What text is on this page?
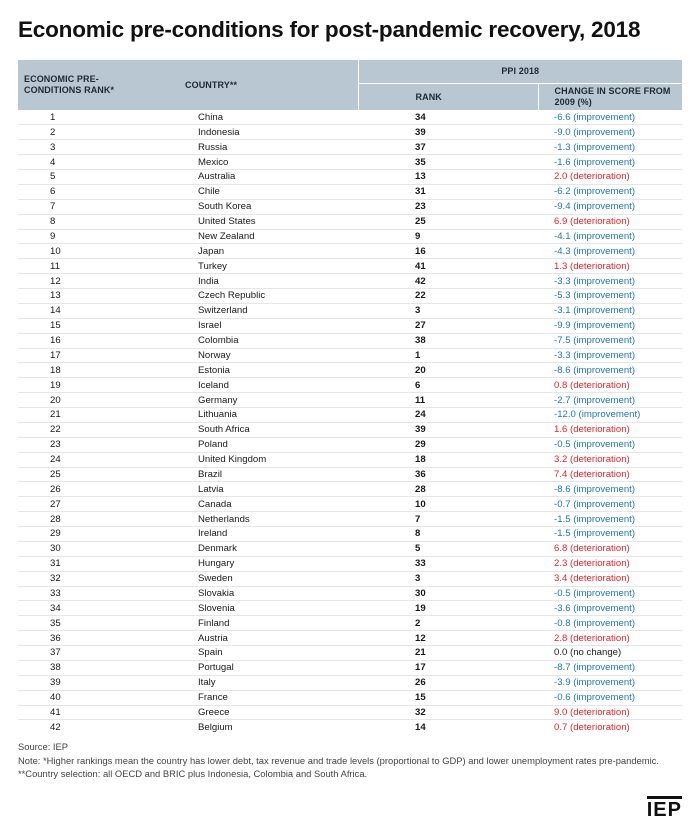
Economic pre-conditions for post-pandemic recovery, 2018
ECONOMIC PRE-CONDITIONS RANK*	COUNTRY**	PPI 2018	
		RANK	CHANGE IN SCORE FROM 2009 (%)
1	China	34	-6.6 (improvement)
2	Indonesia	39	-9.0 (improvement)
3	Russia	37	-1.3 (improvement)
4	Mexico	35	-1.6 (improvement)
5	Australia	13	2.0 (deterioration)
6	Chile	31	-6.2 (improvement)
7	South Korea	23	-9.4 (improvement)
8	United States	25	6.9 (deterioration)
9	New Zealand	9	-4.1 (improvement)
10	Japan	16	-4.3 (improvement)
11	Turkey	41	1.3 (deterioration)
12	India	42	-3.3 (improvement)
13	Czech Republic	22	-5.3 (improvement)
14	Switzerland	3	-3.1 (improvement)
15	Israel	27	-9.9 (improvement)
16	Colombia	38	-7.5 (improvement)
17	Norway	1	-3.3 (improvement)
18	Estonia	20	-8.6 (improvement)
19	Iceland	6	0.8 (deterioration)
20	Germany	11	-2.7 (improvement)
21	Lithuania	24	-12.0 (improvement)
22	South Africa	39	1.6 (deterioration)
23	Poland	29	-0.5 (improvement)
24	United Kingdom	18	3.2 (deterioration)
25	Brazil	36	7.4 (deterioration)
26	Latvia	28	-8.6 (improvement)
27	Canada	10	-0.7 (improvement)
28	Netherlands	7	-1.5 (improvement)
29	Ireland	8	-1.5 (improvement)
30	Denmark	5	6.8 (deterioration)
31	Hungary	33	2.3 (deterioration)
32	Sweden	3	3.4 (deterioration)
33	Slovakia	30	-0.5 (improvement)
34	Slovenia	19	-3.6 (improvement)
35	Finland	2	-0.8 (improvement)
36	Austria	12	2.8 (deterioration)
37	Spain	21	0.0 (no change)
38	Portugal	17	-8.7 (improvement)
39	Italy	26	-3.9 (improvement)
40	France	15	-0.6 (improvement)
41	Greece	32	9.0 (deterioration)
42	Belgium	14	0.7 (deterioration)
Source: IEP
Note: *Higher rankings mean the country has lower debt, tax revenue and trade levels (proportional to GDP) and lower unemployment rates pre-pandemic. **Country selection: all OECD and BRIC plus Indonesia, Colombia and South Africa.
IEP
